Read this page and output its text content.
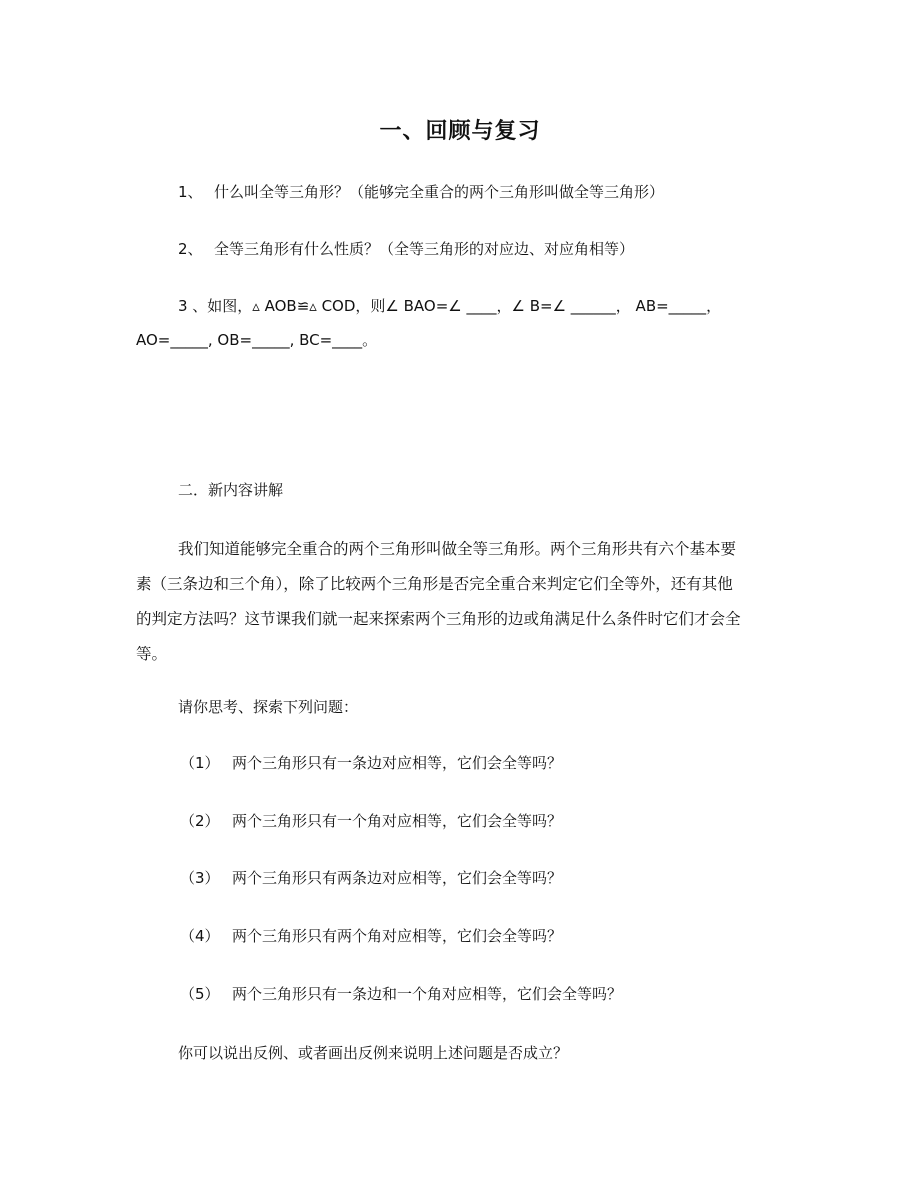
一、回顾与复习
1、 什么叫全等三角形？（能够完全重合的两个三角形叫做全等三角形）
2、 全等三角形有什么性质？（全等三角形的对应边、对应角相等）
3 、如图，▵ AOB≌▵ COD，则∠ BAO=∠ ____，∠ B=∠ ______， AB=_____，
AO=_____, OB=_____, BC=____。
二．新内容讲解
我们知道能够完全重合的两个三角形叫做全等三角形。两个三角形共有六个基本要素（三条边和三个角），除了比较两个三角形是否完全重合来判定它们全等外，还有其他的判定方法吗？这节课我们就一起来探索两个三角形的边或角满足什么条件时它们才会全等。
请你思考、探索下列问题：
（1） 两个三角形只有一条边对应相等，它们会全等吗？
（2） 两个三角形只有一个角对应相等，它们会全等吗？
（3） 两个三角形只有两条边对应相等，它们会全等吗？
（4） 两个三角形只有两个角对应相等，它们会全等吗？
（5） 两个三角形只有一条边和一个角对应相等，它们会全等吗？
你可以说出反例、或者画出反例来说明上述问题是否成立？
